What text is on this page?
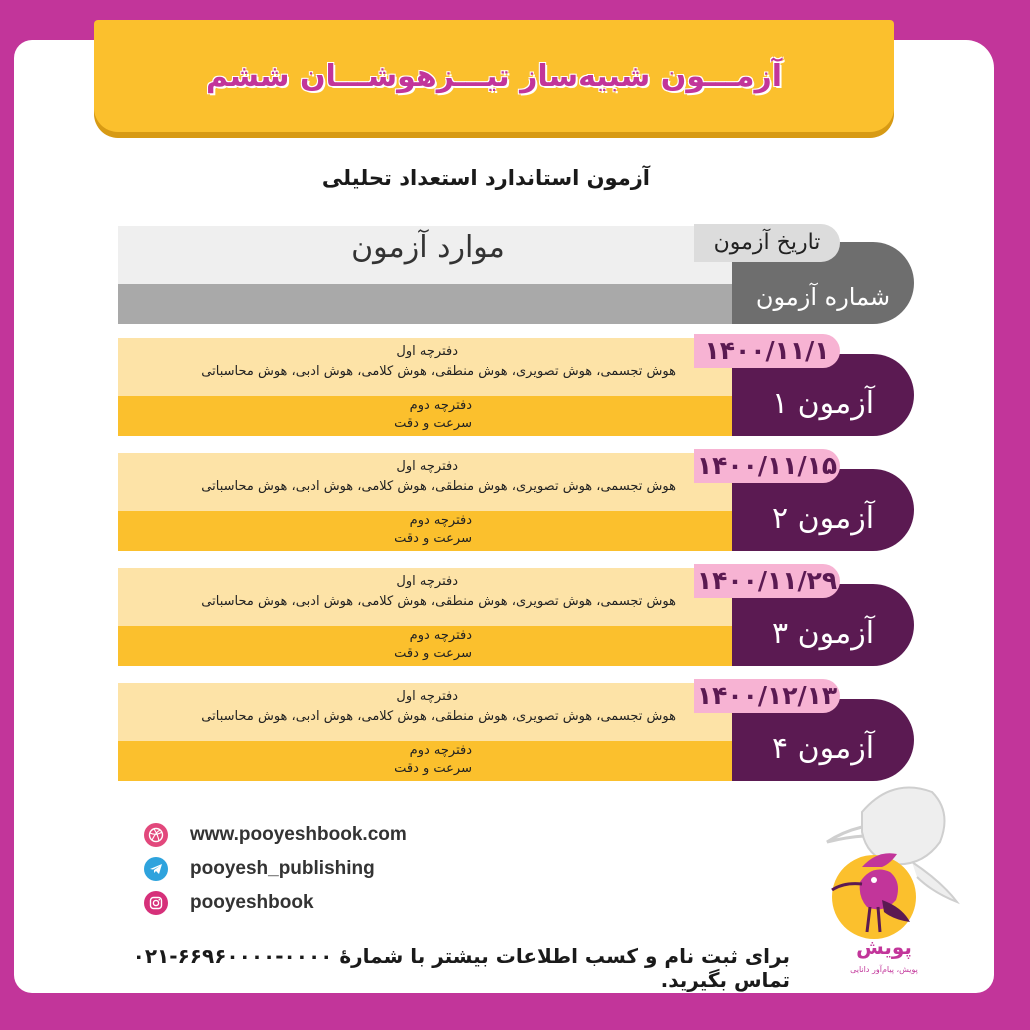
آزمـــون شبیه‌ساز تیـــزهوشـــان ششم
آزمون استاندارد استعداد تحلیلی
موارد آزمون
شماره آزمون
تاریخ آزمون
دفترچه اول
هوش تجسمی، هوش تصویری، هوش منطقی، هوش کلامی، هوش ادبی، هوش محاسباتی
دفترچه دوم
سرعت و دقت
آزمون ۱
۱۴۰۰/۱۱/۱
دفترچه اول
هوش تجسمی، هوش تصویری، هوش منطقی، هوش کلامی، هوش ادبی، هوش محاسباتی
دفترچه دوم
سرعت و دقت
آزمون ۲
۱۴۰۰/۱۱/۱۵
دفترچه اول
هوش تجسمی، هوش تصویری، هوش منطقی، هوش کلامی، هوش ادبی، هوش محاسباتی
دفترچه دوم
سرعت و دقت
آزمون ۳
۱۴۰۰/۱۱/۲۹
دفترچه اول
هوش تجسمی، هوش تصویری، هوش منطقی، هوش کلامی، هوش ادبی، هوش محاسباتی
دفترچه دوم
سرعت و دقت
آزمون ۴
۱۴۰۰/۱۲/۱۳
www.pooyeshbook.com
pooyesh_publishing
pooyeshbook
برای ثبت نام و کسب اطلاعات بیشتر با شمارۀ ۰۰۰۰-۶۶۹۶۰۰۰۰-۰۲۱ تماس بگیرید.
پویش
پویش، پیام‌آور دانایی
